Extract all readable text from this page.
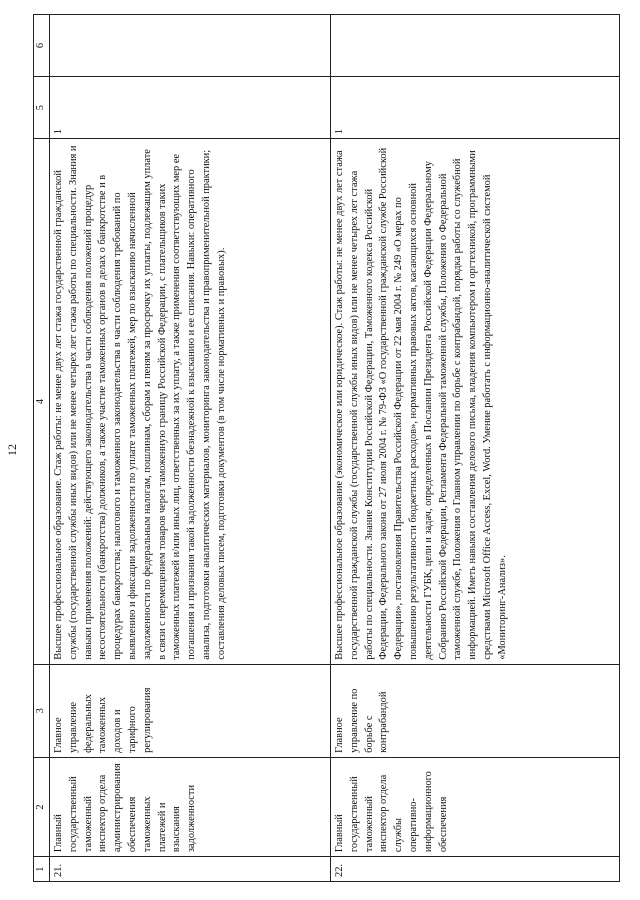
12
1	2	3	4	5	6
21.	Главный государственный таможенный инспектор отдела администрирования обеспечения таможенных платежей и взыскания задолженности	Главное управление федеральных таможенных доходов и тарифного регулирования	Высшее профессиональное образование. Стаж работы: не менее двух лет стажа государственной гражданской службы (государственной службы иных видов) или не менее четырех лет стажа работы по специальности. Знания и навыки применения положений: действующего законодательства в части соблюдения положений процедур несостоятельности (банкротства) должников, а также участие таможенных органов в делах о банкротстве и в процедурах банкротства; налогового и таможенного законодательства в части соблюдения требований по выявлению и фиксации задолженности по уплате таможенных платежей, мер по взысканию начисленной задолженности по федеральным налогам, пошлинам, сборам и пеням за просрочку их уплаты, подлежащим уплате в связи с перемещением товаров через таможенную границу Российской Федерации, с плательщиков таких таможенных платежей и/или иных лиц, ответственных за их уплату, а также применения соответствующих мер ее погашения и признания такой задолженности безнадежной к взысканию и ее списания. Навыки: оперативного анализа, подготовки аналитических материалов, мониторинга законодательства и правоприменительной практики; составления деловых писем, подготовки документов (в том числе нормативных и правовых).	1	
22.	Главный государственный таможенный инспектор отдела службы оперативно-информационного обеспечения	Главное управление по борьбе с контрабандой	Высшее профессиональное образование (экономическое или юридическое). Стаж работы: не менее двух лет стажа государственной гражданской службы (государственной службы иных видов) или не менее четырех лет стажа работы по специальности. Знание Конституции Российской Федерации, Таможенного кодекса Российской Федерации, Федерального закона от 27 июля 2004 г. № 79-ФЗ «О государственной гражданской службе Российской Федерации», постановления Правительства Российской Федерации от 22 мая 2004 г. № 249 «О мерах по повышению результативности бюджетных расходов», нормативных правовых актов, касающихся основной деятельности ГУБК, цели и задач, определенных в Послании Президента Российской Федерации Федеральному Собранию Российской Федерации, Регламента Федеральной таможенной службы, Положения о Федеральной таможенной службе, Положения о Главном управлении по борьбе с контрабандой, порядка работы со служебной информацией. Иметь навыки составления делового письма, владения компьютером и оргтехникой, программными средствами Microsoft Office Access, Excel, Word. Умение работать с информационно-аналитической системой «Мониторинг-Анализ».	1	
